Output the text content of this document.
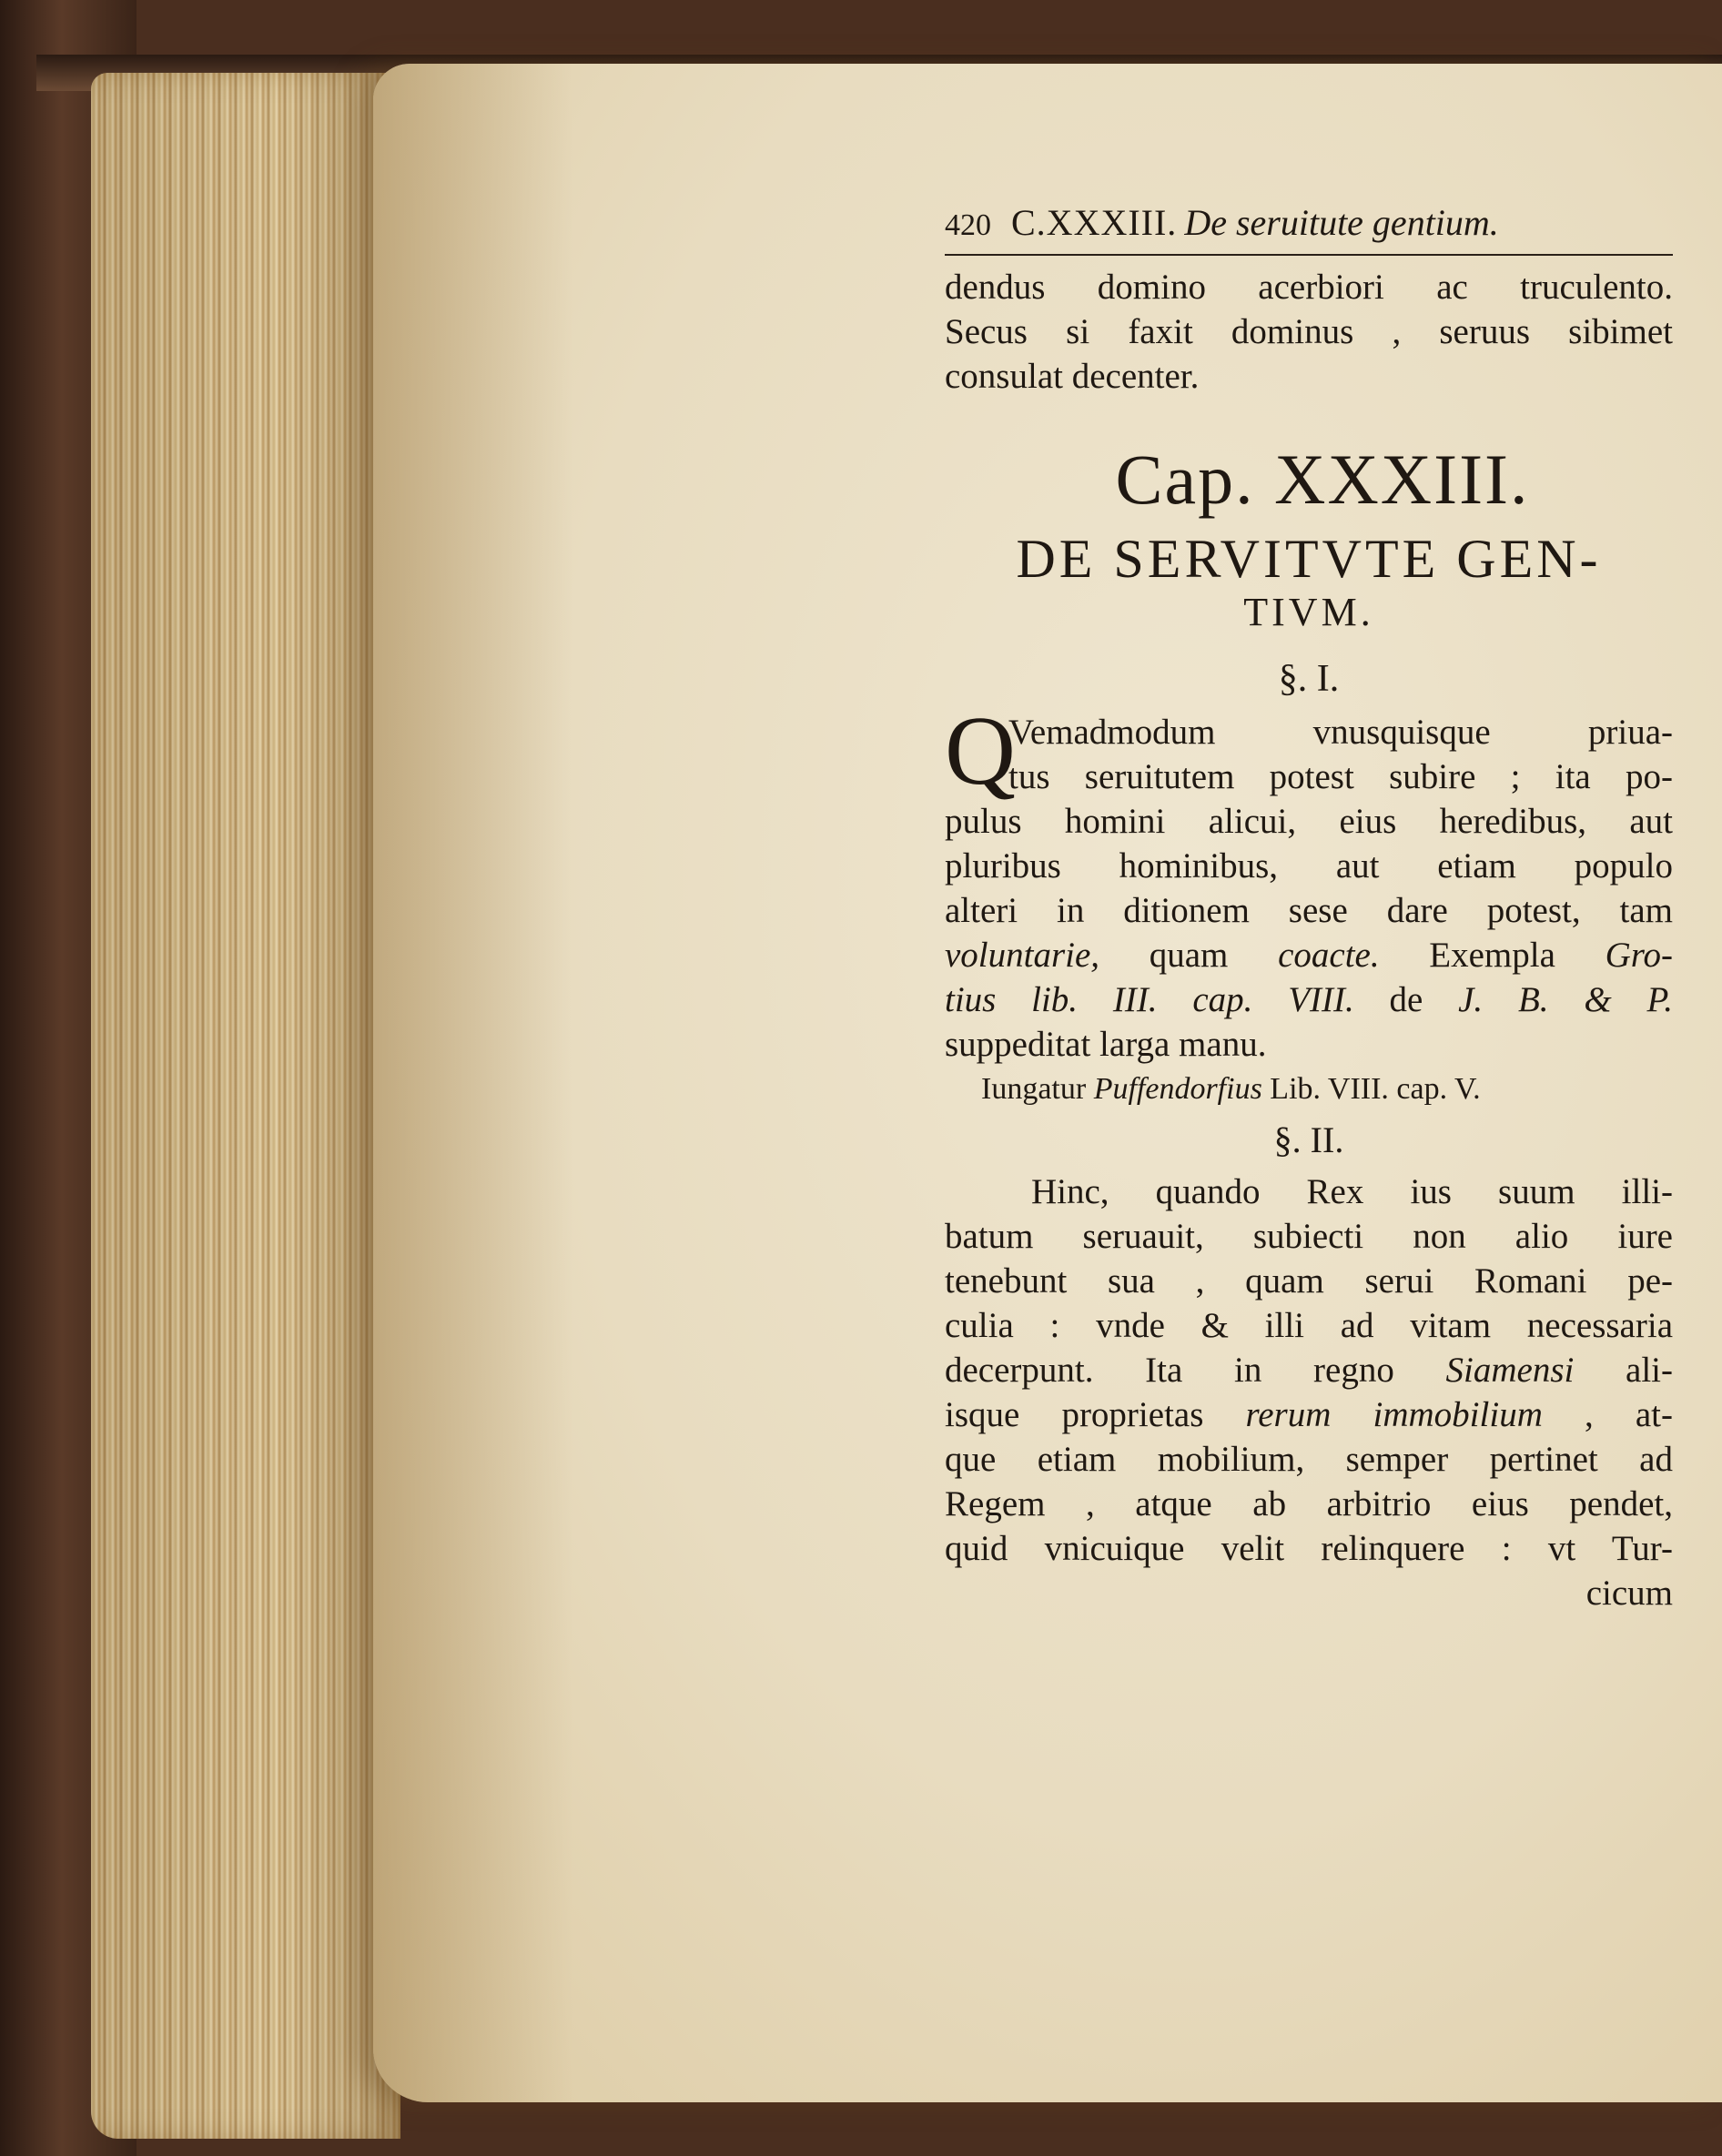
420 C.XXXIII. De seruitute gentium.
dendus domino acerbiori ac truculento.
Secus si faxit dominus , seruus sibimet
consulat decenter.
Cap. XXXIII.
DE SERVITVTE GEN-
TIVM.
§. I.
Q
Vemadmodum vnusquisque priua-
tus seruitutem potest subire ; ita po-
pulus homini alicui, eius heredibus, aut
pluribus hominibus, aut etiam populo
alteri in ditionem sese dare potest, tam
voluntarie, quam coacte. Exempla Gro-
tius lib. III. cap. VIII. de J. B. & P.
suppeditat larga manu.
Iungatur Puffendorfius Lib. VIII. cap. V.
§. II.
Hinc, quando Rex ius suum illi-
batum seruauit, subiecti non alio iure
tenebunt sua , quam serui Romani pe-
culia : vnde & illi ad vitam necessaria
decerpunt. Ita in regno Siamensi ali-
isque proprietas rerum immobilium , at-
que etiam mobilium, semper pertinet ad
Regem , atque ab arbitrio eius pendet,
quid vnicuique velit relinquere : vt Tur-
cicum
